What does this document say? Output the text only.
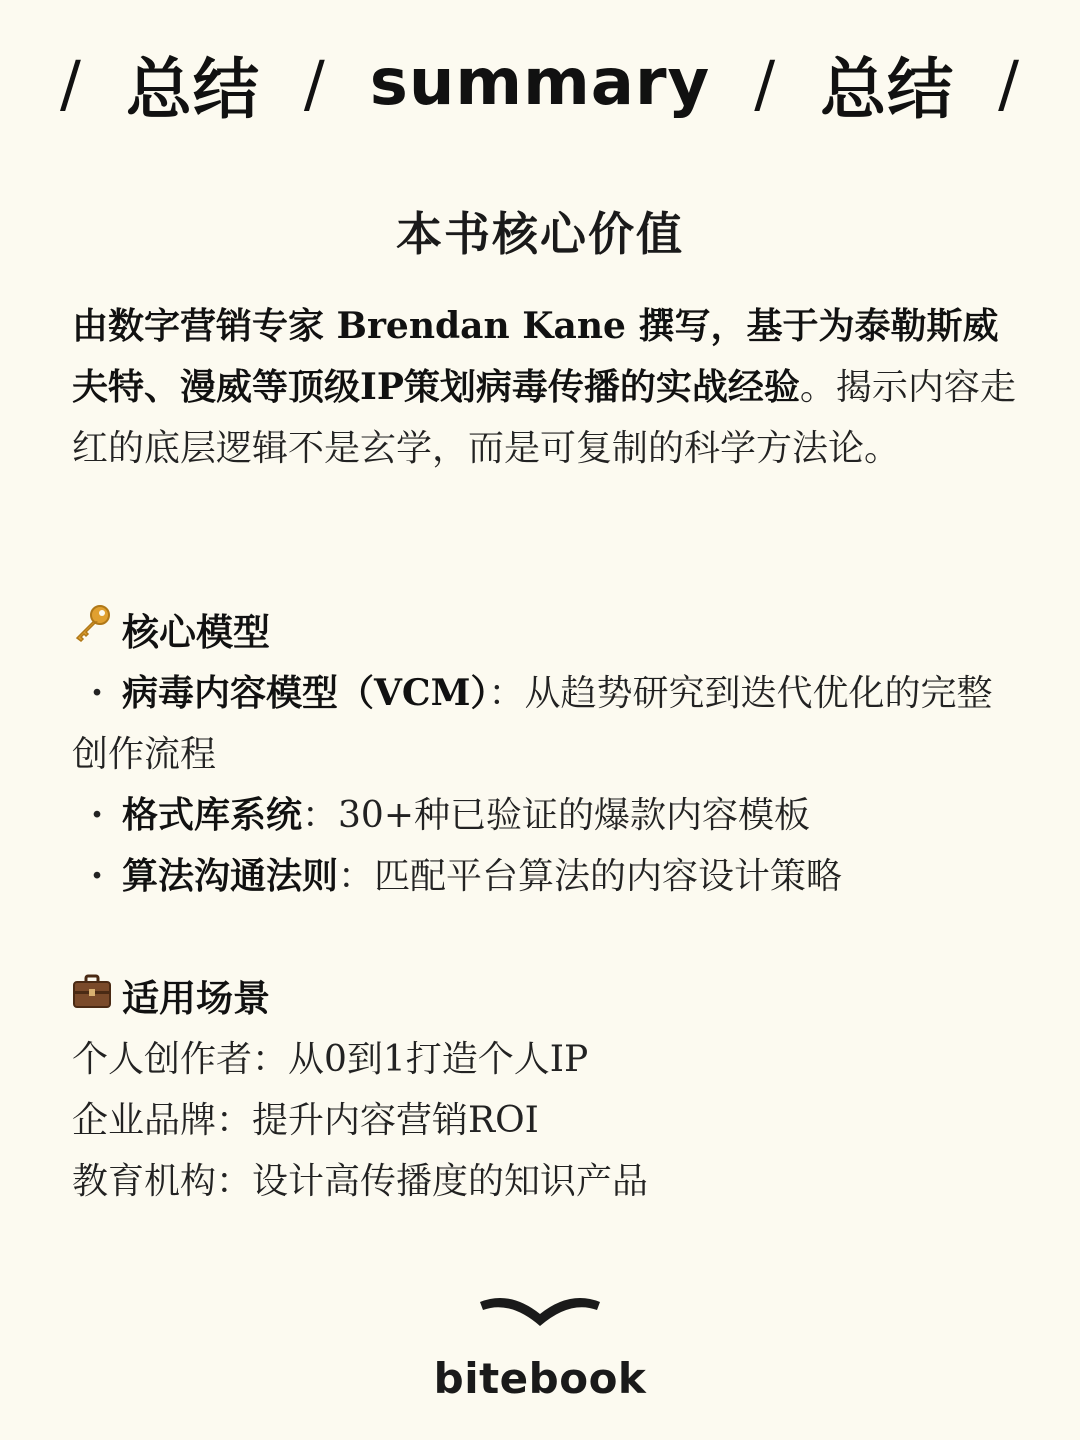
/ 总结 / summary / 总结 /
本书核心价值
由数字营销专家 Brendan Kane 撰写，基于为泰勒斯威夫特、漫威等顶级IP策划病毒传播的实战经验。揭示内容走红的底层逻辑不是玄学，而是可复制的科学方法论。
核心模型
· 病毒内容模型（VCM）：从趋势研究到迭代优化的完整创作流程
· 格式库系统：30+种已验证的爆款内容模板
· 算法沟通法则：匹配平台算法的内容设计策略
适用场景
个人创作者：从0到1打造个人IP
企业品牌：提升内容营销ROI
教育机构：设计高传播度的知识产品
bitebook
